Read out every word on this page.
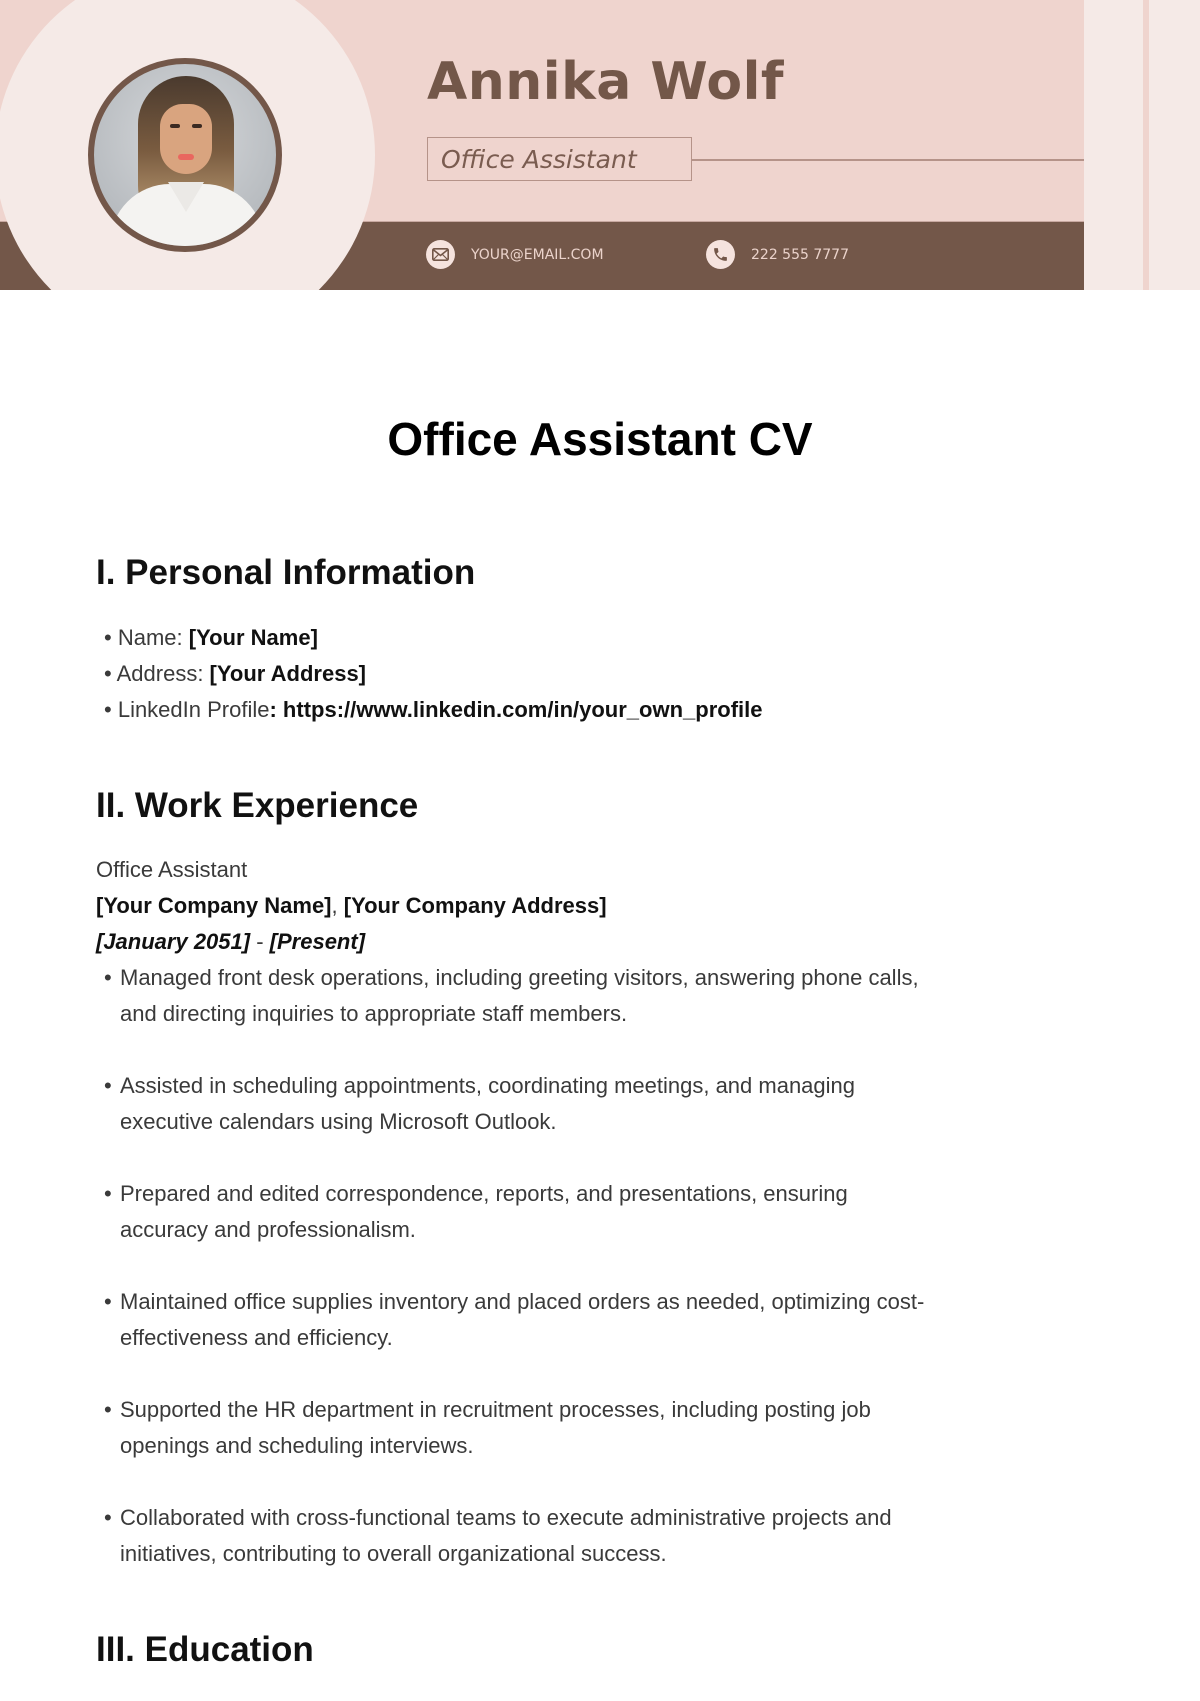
Annika Wolf
Office Assistant
YOUR@EMAIL.COM	222 555 7777
Office Assistant CV
I. Personal Information
• Name: [Your Name]
• Address: [Your Address]
• LinkedIn Profile: https://www.linkedin.com/in/your_own_profile
II. Work Experience
Office Assistant
[Your Company Name], [Your Company Address]
[January 2051] - [Present]
• Managed front desk operations, including greeting visitors, answering phone calls,
and directing inquiries to appropriate staff members.
• Assisted in scheduling appointments, coordinating meetings, and managing
executive calendars using Microsoft Outlook.
• Prepared and edited correspondence, reports, and presentations, ensuring
accuracy and professionalism.
• Maintained office supplies inventory and placed orders as needed, optimizing cost-
effectiveness and efficiency.
• Supported the HR department in recruitment processes, including posting job
openings and scheduling interviews.
• Collaborated with cross-functional teams to execute administrative projects and
initiatives, contributing to overall organizational success.
III. Education
